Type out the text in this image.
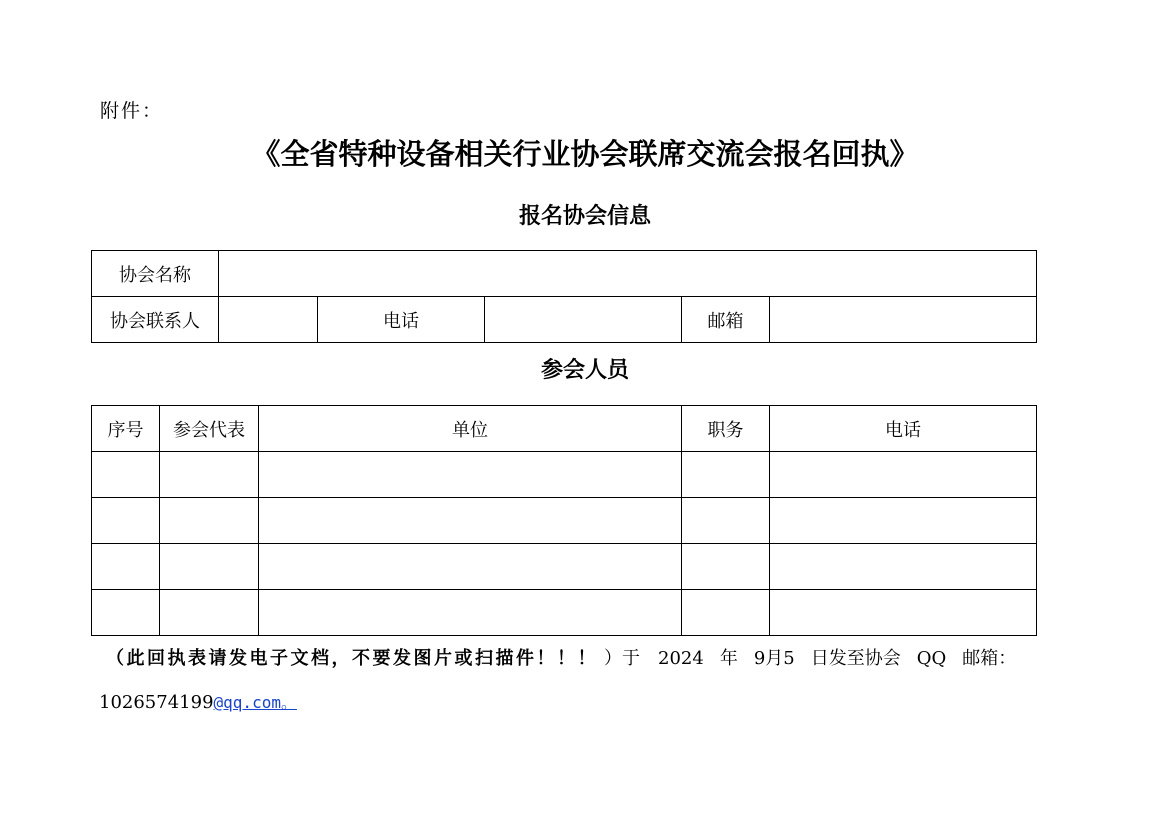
附件：
《全省特种设备相关行业协会联席交流会报名回执》
报名协会信息
协会名称					
协会联系人		电话		邮箱	
参会人员
序号	参会代表	单位	职务	电话

（此回执表请发电子文档，不要发图片或扫描件！！！ ）于 2024 年 9月5 日发至协会 QQ 邮箱：
1026574199@qq.com。
